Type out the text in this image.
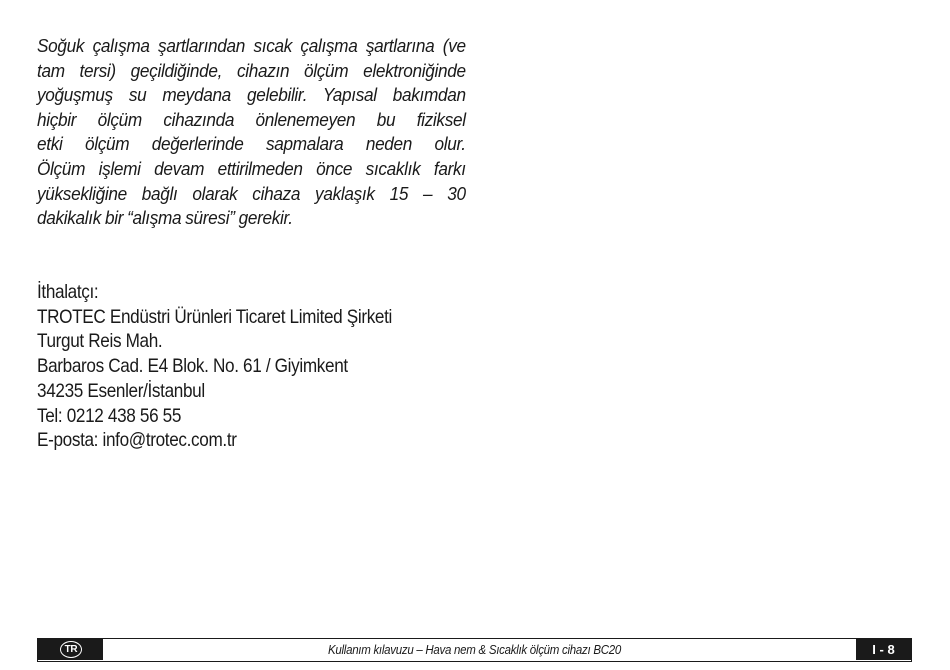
Soğuk çalışma şartlarından sıcak çalışma şartlarına (ve
tam tersi) geçildiğinde, cihazın ölçüm elektroniğinde
yoğuşmuş su meydana gelebilir. Yapısal bakımdan
hiçbir ölçüm cihazında önlenemeyen bu fiziksel
etki ölçüm değerlerinde sapmalara neden olur.
Ölçüm işlemi devam ettirilmeden önce sıcaklık farkı
yüksekliğine bağlı olarak cihaza yaklaşık 15 – 30
dakikalık bir “alışma süresi” gerekir.
İthalatçı:
TROTEC Endüstri Ürünleri Ticaret Limited Şirketi
Turgut Reis Mah.
Barbaros Cad. E4 Blok. No. 61 / Giyimkent
34235 Esenler/İstanbul
Tel: 0212 438 56 55
E-posta: info@trotec.com.tr
TR	Kullanım kılavuzu – Hava nem & Sıcaklık ölçüm cihazı BC20	I - 8
